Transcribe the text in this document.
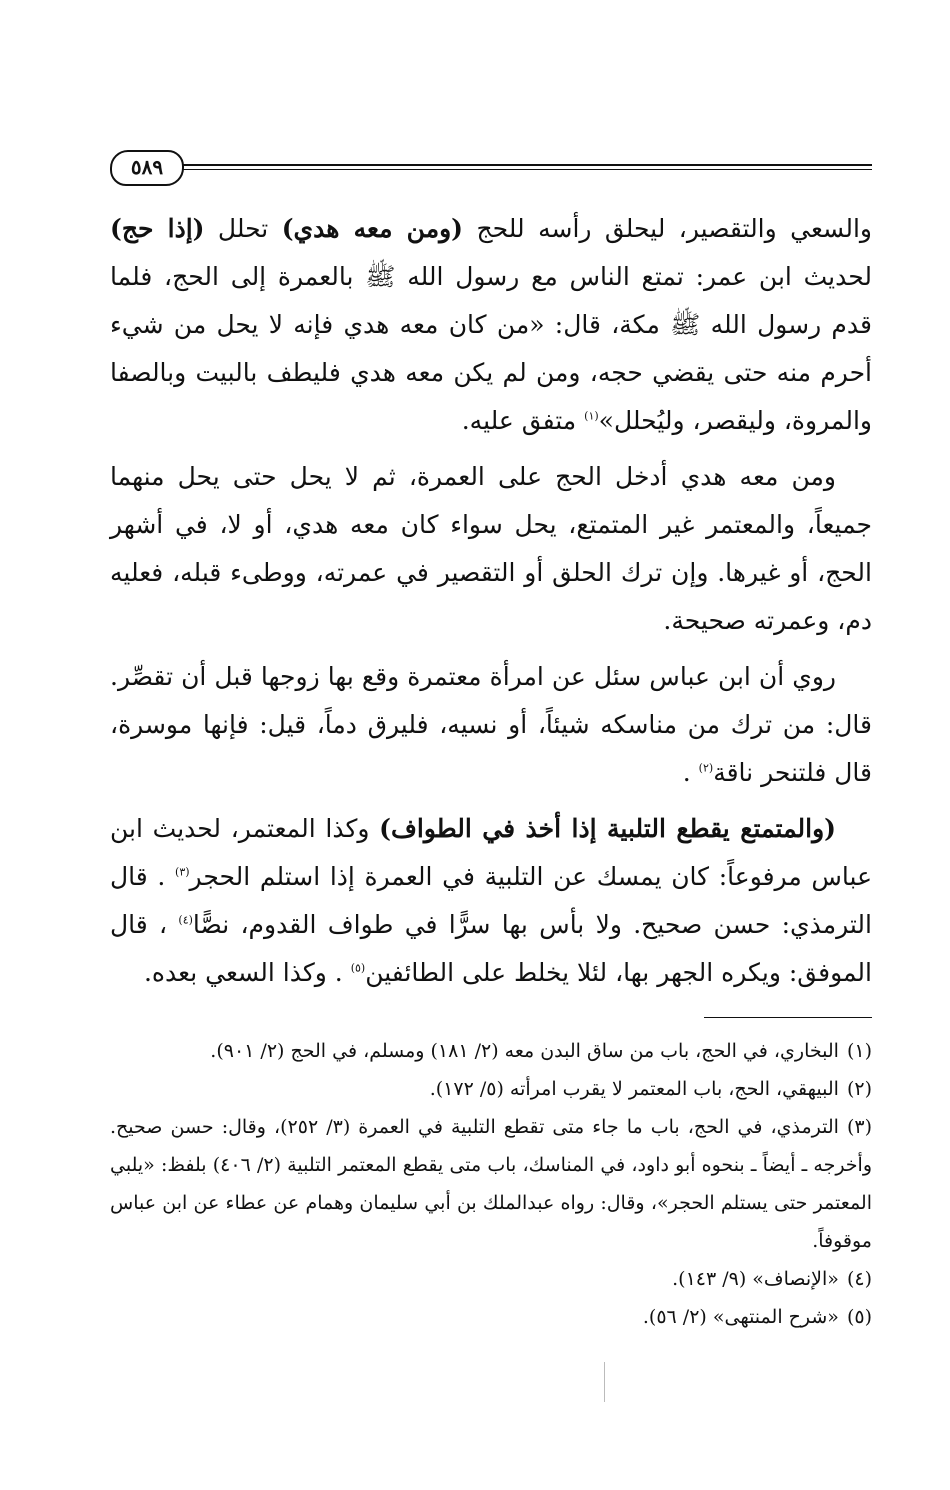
٥٨٩

والسعي والتقصير، ليحلق رأسه للحج (ومن معه هدي) تحلل (إذا حج) لحديث ابن عمر: تمتع الناس مع رسول الله ﷺ بالعمرة إلى الحج، فلما قدم رسول الله ﷺ مكة، قال: «من كان معه هدي فإنه لا يحل من شيء أحرم منه حتى يقضي حجه، ومن لم يكن معه هدي فليطف بالبيت وبالصفا والمروة، وليقصر، وليُحلل»$^{(١)}$ متفق عليه.

ومن معه هدي أدخل الحج على العمرة، ثم لا يحل حتى يحل منهما جميعاً، والمعتمر غير المتمتع، يحل سواء كان معه هدي، أو لا، في أشهر الحج، أو غيرها. وإن ترك الحلق أو التقصير في عمرته، ووطىء قبله، فعليه دم، وعمرته صحيحة.

روي أن ابن عباس سئل عن امرأة معتمرة وقع بها زوجها قبل أن تقصِّر. قال: من ترك من مناسكه شيئاً، أو نسيه، فليرق دماً، قيل: فإنها موسرة، قال فلتنحر ناقة$^{(٢)}$ .

(والمتمتع يقطع التلبية إذا أخذ في الطواف) وكذا المعتمر، لحديث ابن عباس مرفوعاً: كان يمسك عن التلبية في العمرة إذا استلم الحجر$^{(٣)}$ . قال الترمذي: حسن صحيح. ولا بأس بها سرًّا في طواف القدوم، نصًّا$^{(٤)}$ ، قال الموفق: ويكره الجهر بها، لئلا يخلط على الطائفين$^{(٥)}$ . وكذا السعي بعده.

(١)البخاري، في الحج، باب من ساق البدن معه (٢/ ١٨١) ومسلم، في الحج (٢/ ٩٠١).

(٢)البيهقي، الحج، باب المعتمر لا يقرب امرأته (٥/ ١٧٢).

(٣)الترمذي، في الحج، باب ما جاء متى تقطع التلبية في العمرة (٣/ ٢٥٢)، وقال: حسن صحيح. وأخرجه ـ أيضاً ـ بنحوه أبو داود، في المناسك، باب متى يقطع المعتمر التلبية (٢/ ٤٠٦) بلفظ: «يلبي المعتمر حتى يستلم الحجر»، وقال: رواه عبدالملك بن أبي سليمان وهمام عن عطاء عن ابن عباس موقوفاً.

(٤)«الإنصاف» (٩/ ١٤٣).

(٥)«شرح المنتهى» (٢/ ٥٦).
